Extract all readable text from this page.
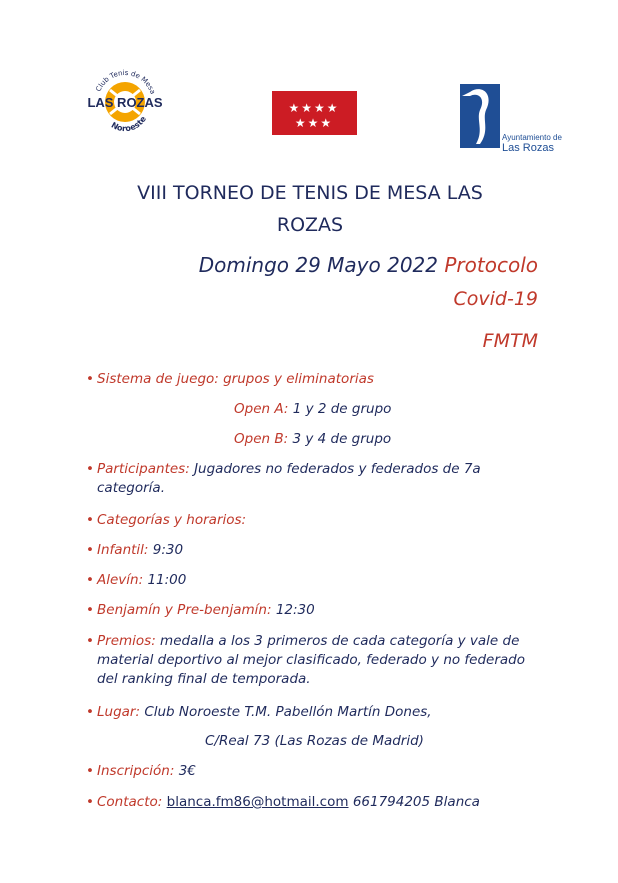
Club Tenis de Mesa
LAS ROZAS
Noroeste
★★★★
★★★
Ayuntamiento de
Las Rozas
VIII TORNEO DE TENIS DE MESA LAS
ROZAS
Domingo 29 Mayo 2022 Protocolo
Covid-19
FMTM
• Sistema de juego: grupos y eliminatorias
Open A: 1 y 2 de grupo
Open B: 3 y 4 de grupo
• Participantes: Jugadores no federados y federados de 7a
categoría.
• Categorías y horarios:
• Infantil: 9:30
• Alevín: 11:00
• Benjamín y Pre-benjamín: 12:30
• Premios: medalla a los 3 primeros de cada categoría y vale de
material deportivo al mejor clasificado, federado y no federado
del ranking final de temporada.
• Lugar: Club Noroeste T.M. Pabellón Martín Dones,
C/Real 73 (Las Rozas de Madrid)
• Inscripción: 3€
• Contacto: blanca.fm86@hotmail.com 661794205 Blanca
